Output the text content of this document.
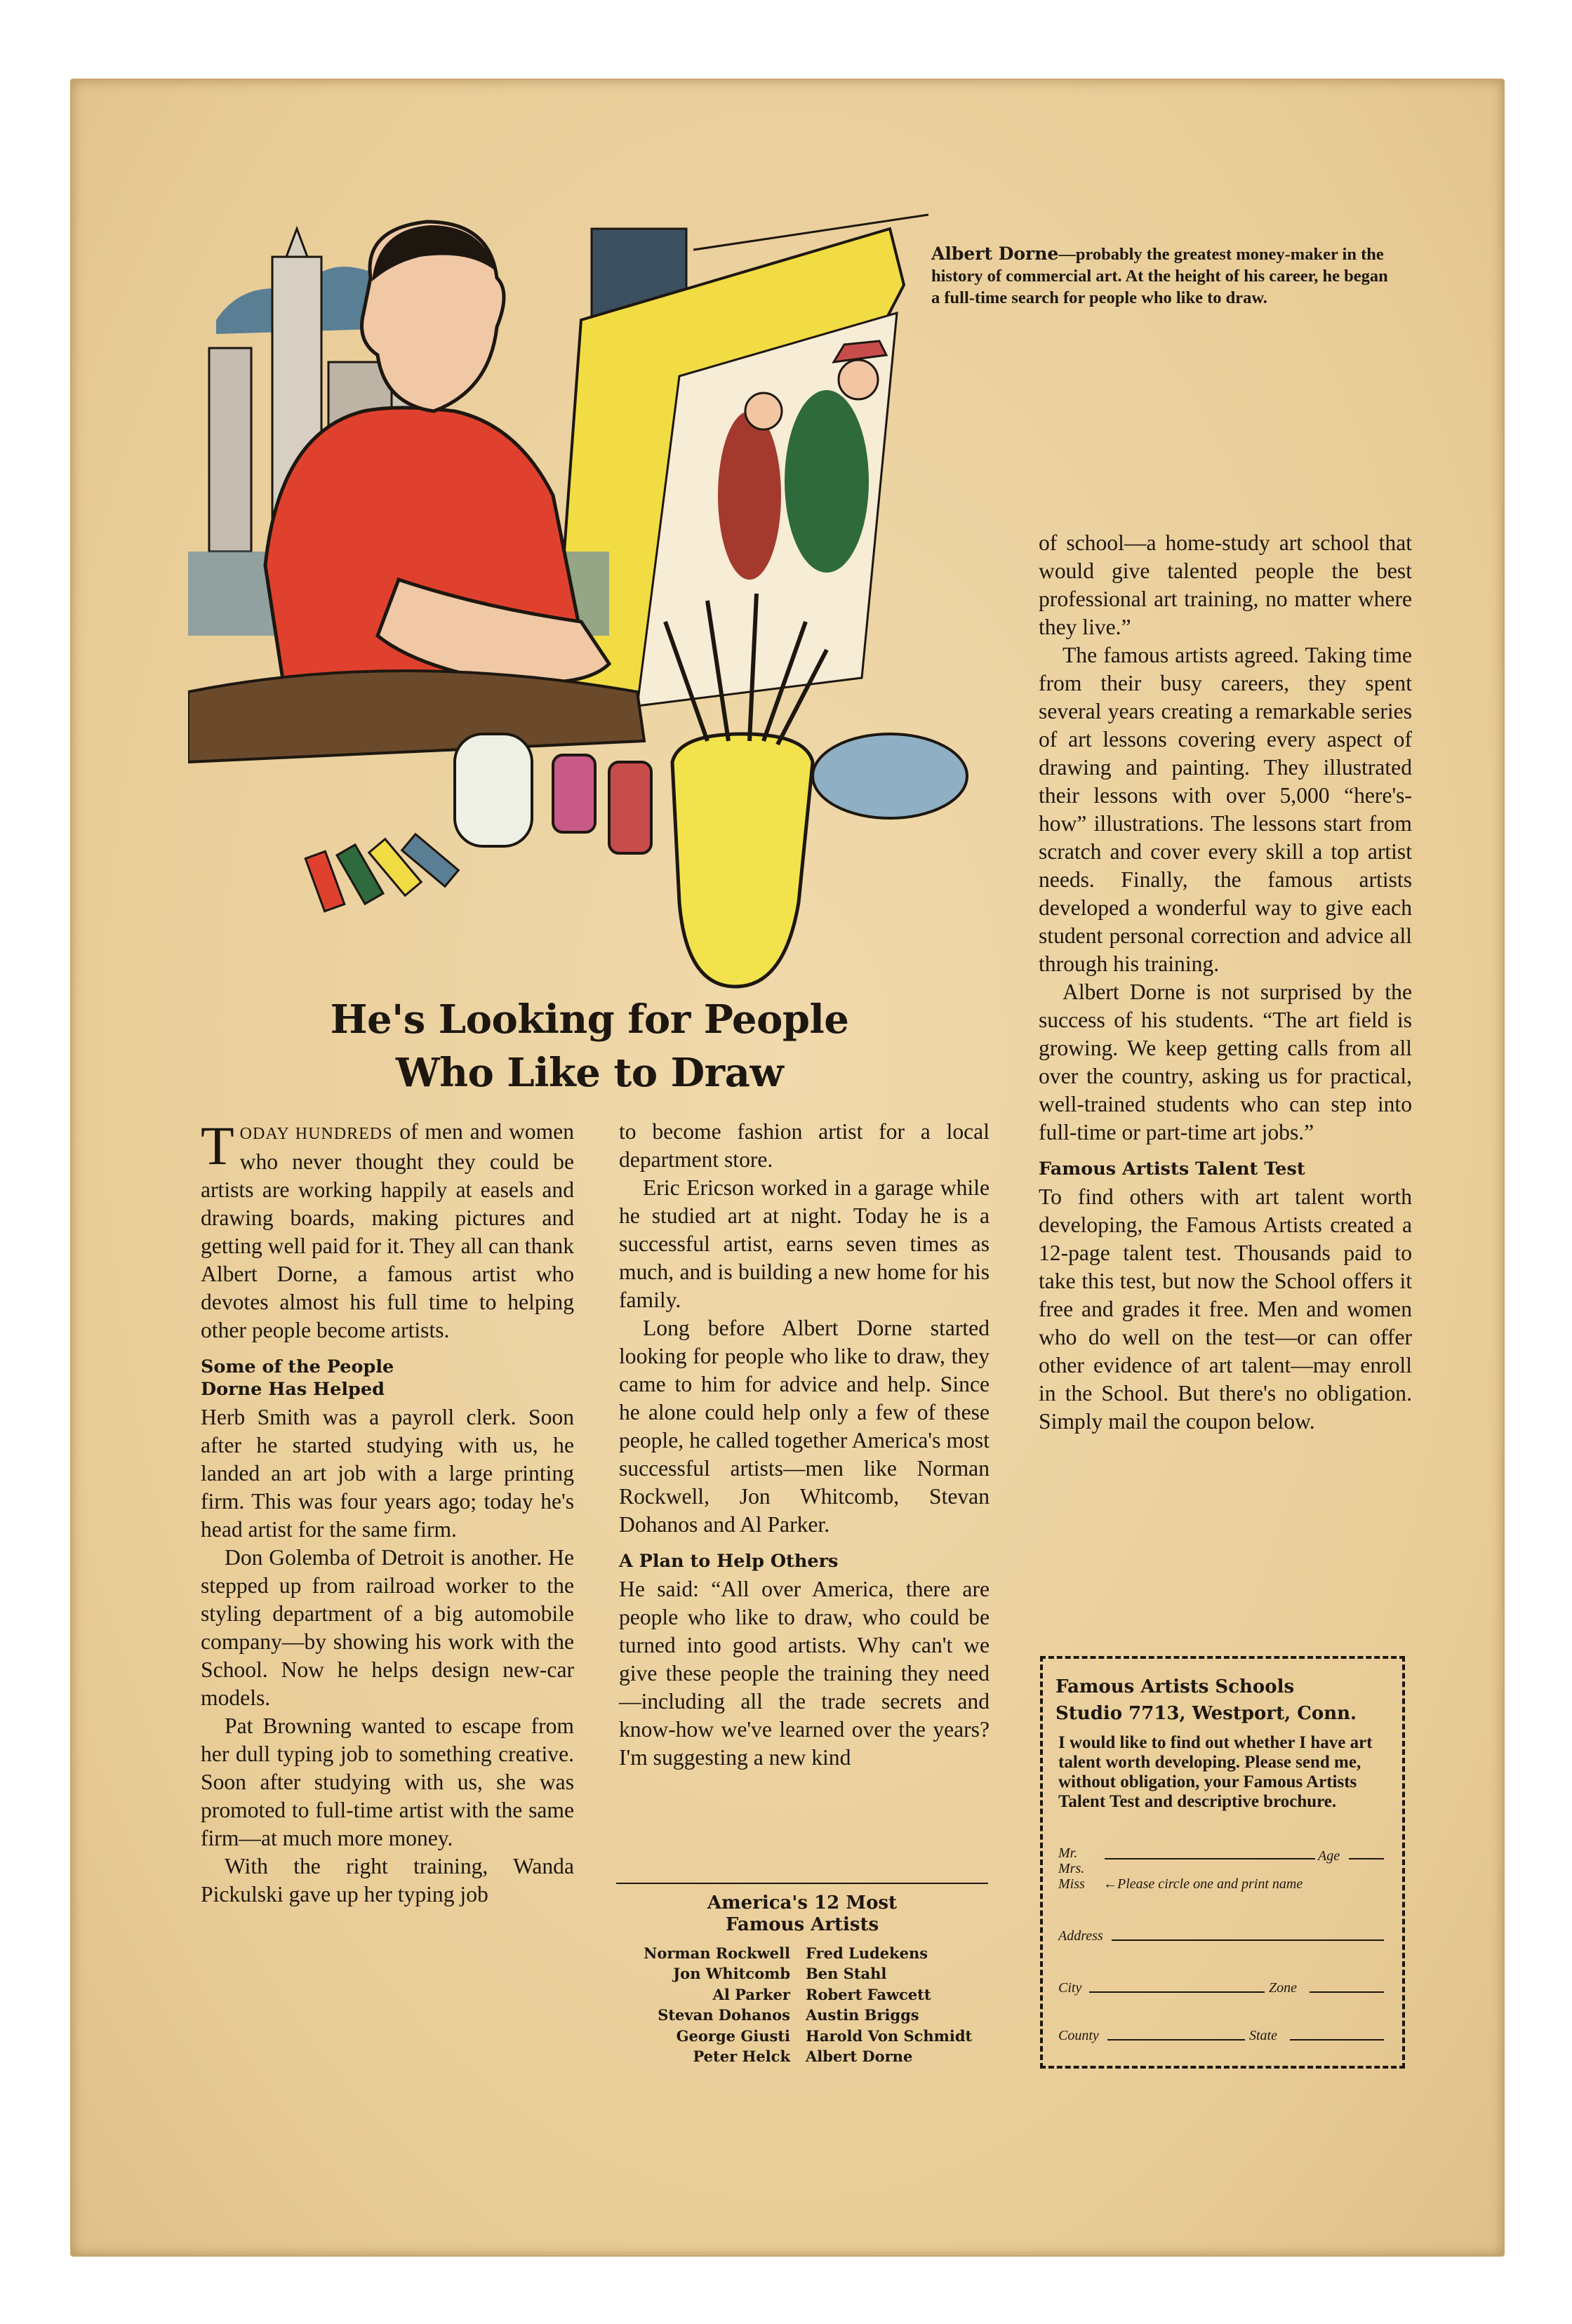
Albert Dorne—probably the greatest money-maker in the history of commercial art. At the height of his career, he began a full-time search for people who like to draw.
He's Looking for People
Who Like to Draw

TODAY HUNDREDS of men and women who never thought they could be artists are working happily at easels and drawing boards, making pictures and getting well paid for it. They all can thank Albert Dorne, a famous artist who devotes almost his full time to helping other people become artists.

Some of the People
Dorne Has Helped

Herb Smith was a payroll clerk. Soon after he started studying with us, he landed an art job with a large printing firm. This was four years ago; today he's head artist for the same firm.

Don Golemba of Detroit is another. He stepped up from railroad worker to the styling department of a big automobile company—by showing his work with the School. Now he helps design new-car models.

Pat Browning wanted to escape from her dull typing job to something creative. Soon after studying with us, she was promoted to full-time artist with the same firm—at much more money.

With the right training, Wanda Pickulski gave up her typing job

to become fashion artist for a local department store.

Eric Ericson worked in a garage while he studied art at night. Today he is a successful artist, earns seven times as much, and is building a new home for his family.

Long before Albert Dorne started looking for people who like to draw, they came to him for advice and help. Since he alone could help only a few of these people, he called together America's most successful artists—men like Norman Rockwell, Jon Whitcomb, Stevan Dohanos and Al Parker.

A Plan to Help Others

He said: “All over America, there are people who like to draw, who could be turned into good artists. Why can't we give these people the training they need—including all the trade secrets and know-how we've learned over the years? I'm suggesting a new kind

America's 12 Most
Famous Artists
Norman Rockwell
Jon Whitcomb
Al Parker
Stevan Dohanos
George Giusti
Peter Helck
Fred Ludekens
Ben Stahl
Robert Fawcett
Austin Briggs
Harold Von Schmidt
Albert Dorne

of school—a home-study art school that would give talented people the best professional art training, no matter where they live.”

The famous artists agreed. Taking time from their busy careers, they spent several years creating a remarkable series of art lessons covering every aspect of drawing and painting. They illustrated their lessons with over 5,000 “here's-how” illustrations. The lessons start from scratch and cover every skill a top artist needs. Finally, the famous artists developed a wonderful way to give each student personal correction and advice all through his training.

Albert Dorne is not surprised by the success of his students. “The art field is growing. We keep getting calls from all over the country, asking us for practical, well-trained students who can step into full-time or part-time art jobs.”

Famous Artists Talent Test

To find others with art talent worth developing, the Famous Artists created a 12-page talent test. Thousands paid to take this test, but now the School offers it free and grades it free. Men and women who do well on the test—or can offer other evidence of art talent—may enroll in the School. But there's no obligation. Simply mail the coupon below.

Famous Artists Schools
Studio 7713, Westport, Conn.
I would like to find out whether I have art talent worth developing. Please send me, without obligation, your Famous Artists Talent Test and descriptive brochure.
Mr.
Mrs.
Miss
Age
←Please circle one and print name
Address
City	Zone
County	State
